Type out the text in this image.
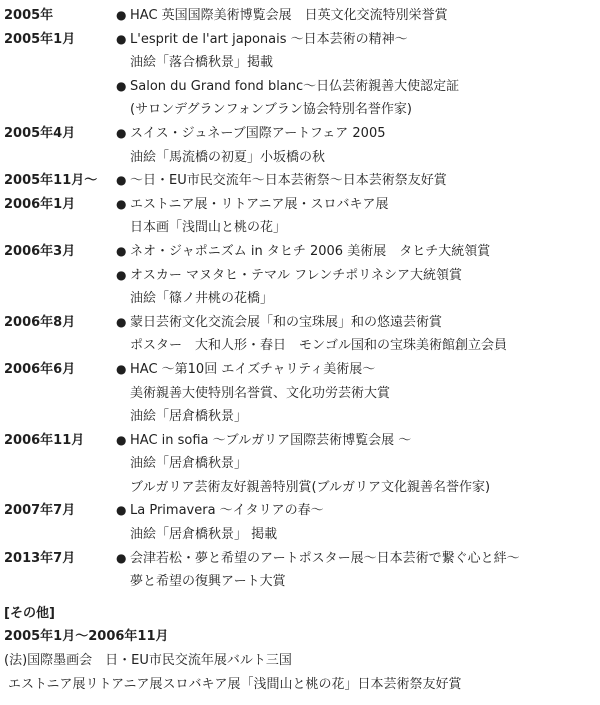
2005年	● HAC 英国国際美術博覧会展　日英文化交流特別栄誉賞
2005年1月	● L'esprit de l'art japonais ～日本芸術の精神～
油絵「落合橋秋景」掲載
● Salon du Grand fond blanc～日仏芸術親善大使認定証
(サロンデグランフォンブラン協会特別名誉作家)
2005年4月	● スイス・ジュネーブ国際アートフェア 2005
油絵「馬流橋の初夏」小坂橋の秋
2005年11月～	● ～日・EU市民交流年～日本芸術祭～日本芸術祭友好賞
2006年1月	● エストニア展・リトアニア展・スロバキア展
日本画「浅間山と桃の花」
2006年3月	● ネオ・ジャポニズム in タヒチ 2006 美術展　タヒチ大統領賞
● オスカー マヌタヒ・テマル フレンチポリネシア大統領賞
油絵「篠ノ井桃の花橋」
2006年8月	● 蒙日芸術文化交流会展「和の宝珠展」和の悠遠芸術賞
ポスター　大和人形・春日　モンゴル国和の宝珠美術館創立会員
2006年6月	● HAC ～第10回 エイズチャリティ美術展～
美術親善大使特別名誉賞、文化功労芸術大賞
油絵「居倉橋秋景」
2006年11月	● HAC in sofia ～ブルガリア国際芸術博覧会展 ～
油絵「居倉橋秋景」
ブルガリア芸術友好親善特別賞(ブルガリア文化親善名誉作家)
2007年7月	● La Primavera ～イタリアの春～
油絵「居倉橋秋景」 掲載
2013年7月	● 会津若松・夢と希望のアートポスター展～日本芸術で繋ぐ心と絆～
夢と希望の復興アート大賞
[その他]
2005年1月～2006年11月
(法)国際墨画会　日・EU市民交流年展バルト三国
エストニア展リトアニア展スロバキア展「浅間山と桃の花」日本芸術祭友好賞
